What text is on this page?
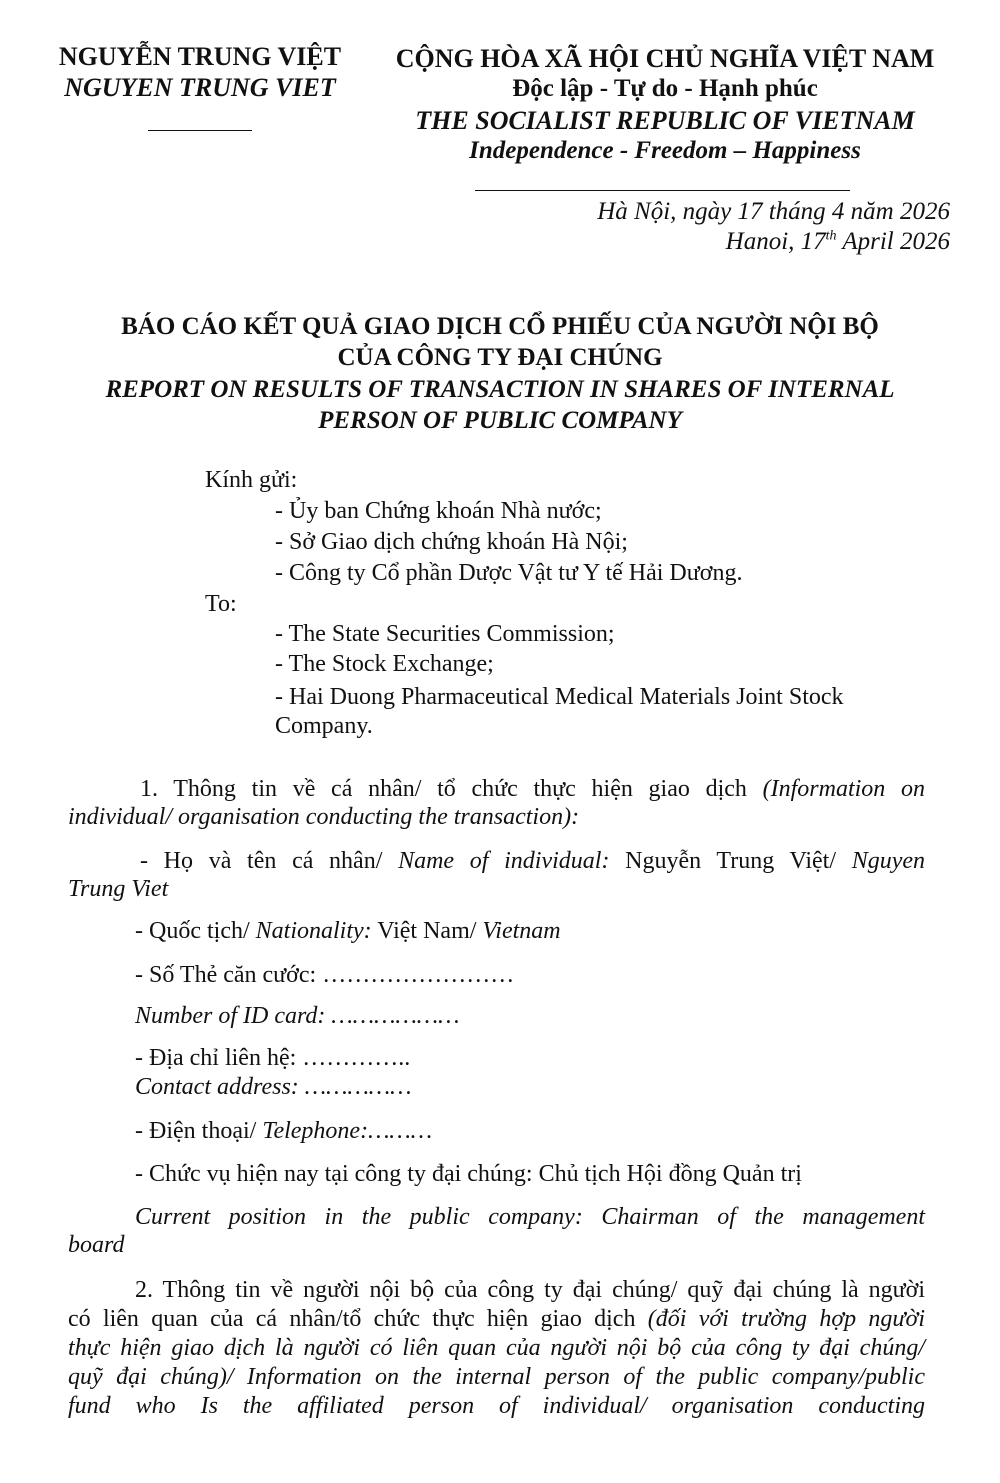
NGUYỄN TRUNG VIỆT
NGUYEN TRUNG VIET
CỘNG HÒA XÃ HỘI CHỦ NGHĨA VIỆT NAM
Độc lập - Tự do - Hạnh phúc
THE SOCIALIST REPUBLIC OF VIETNAM
Independence - Freedom – Happiness
Hà Nội, ngày 17 tháng 4 năm 2026
Hanoi, 17th April 2026
BÁO CÁO KẾT QUẢ GIAO DỊCH CỔ PHIẾU CỦA NGƯỜI NỘI BỘ
CỦA CÔNG TY ĐẠI CHÚNG
REPORT ON RESULTS OF TRANSACTION IN SHARES OF INTERNAL
PERSON OF PUBLIC COMPANY
Kính gửi:
- Ủy ban Chứng khoán Nhà nước;
- Sở Giao dịch chứng khoán Hà Nội;
- Công ty Cổ phần Dược Vật tư Y tế Hải Dương.
To:
- The State Securities Commission;
- The Stock Exchange;
- Hai Duong Pharmaceutical Medical Materials Joint Stock
Company.
1. Thông tin về cá nhân/ tổ chức thực hiện giao dịch (Information on
individual/ organisation conducting the transaction):
- Họ và tên cá nhân/ Name of individual: Nguyễn Trung Việt/ Nguyen
Trung Viet
- Quốc tịch/ Nationality: Việt Nam/ Vietnam
- Số Thẻ căn cước: ……………………
Number of ID card: ………………
- Địa chỉ liên hệ: …………..
Contact address: ……………
- Điện thoại/ Telephone:………
- Chức vụ hiện nay tại công ty đại chúng: Chủ tịch Hội đồng Quản trị
Current position in the public company: Chairman of the management
board
2. Thông tin về người nội bộ của công ty đại chúng/ quỹ đại chúng là người
có liên quan của cá nhân/tổ chức thực hiện giao dịch (đối với trường hợp người
thực hiện giao dịch là người có liên quan của người nội bộ của công ty đại chúng/
quỹ đại chúng)/ Information on the internal person of the public company/public
fund who Is the affiliated person of individual/ organisation conducting
